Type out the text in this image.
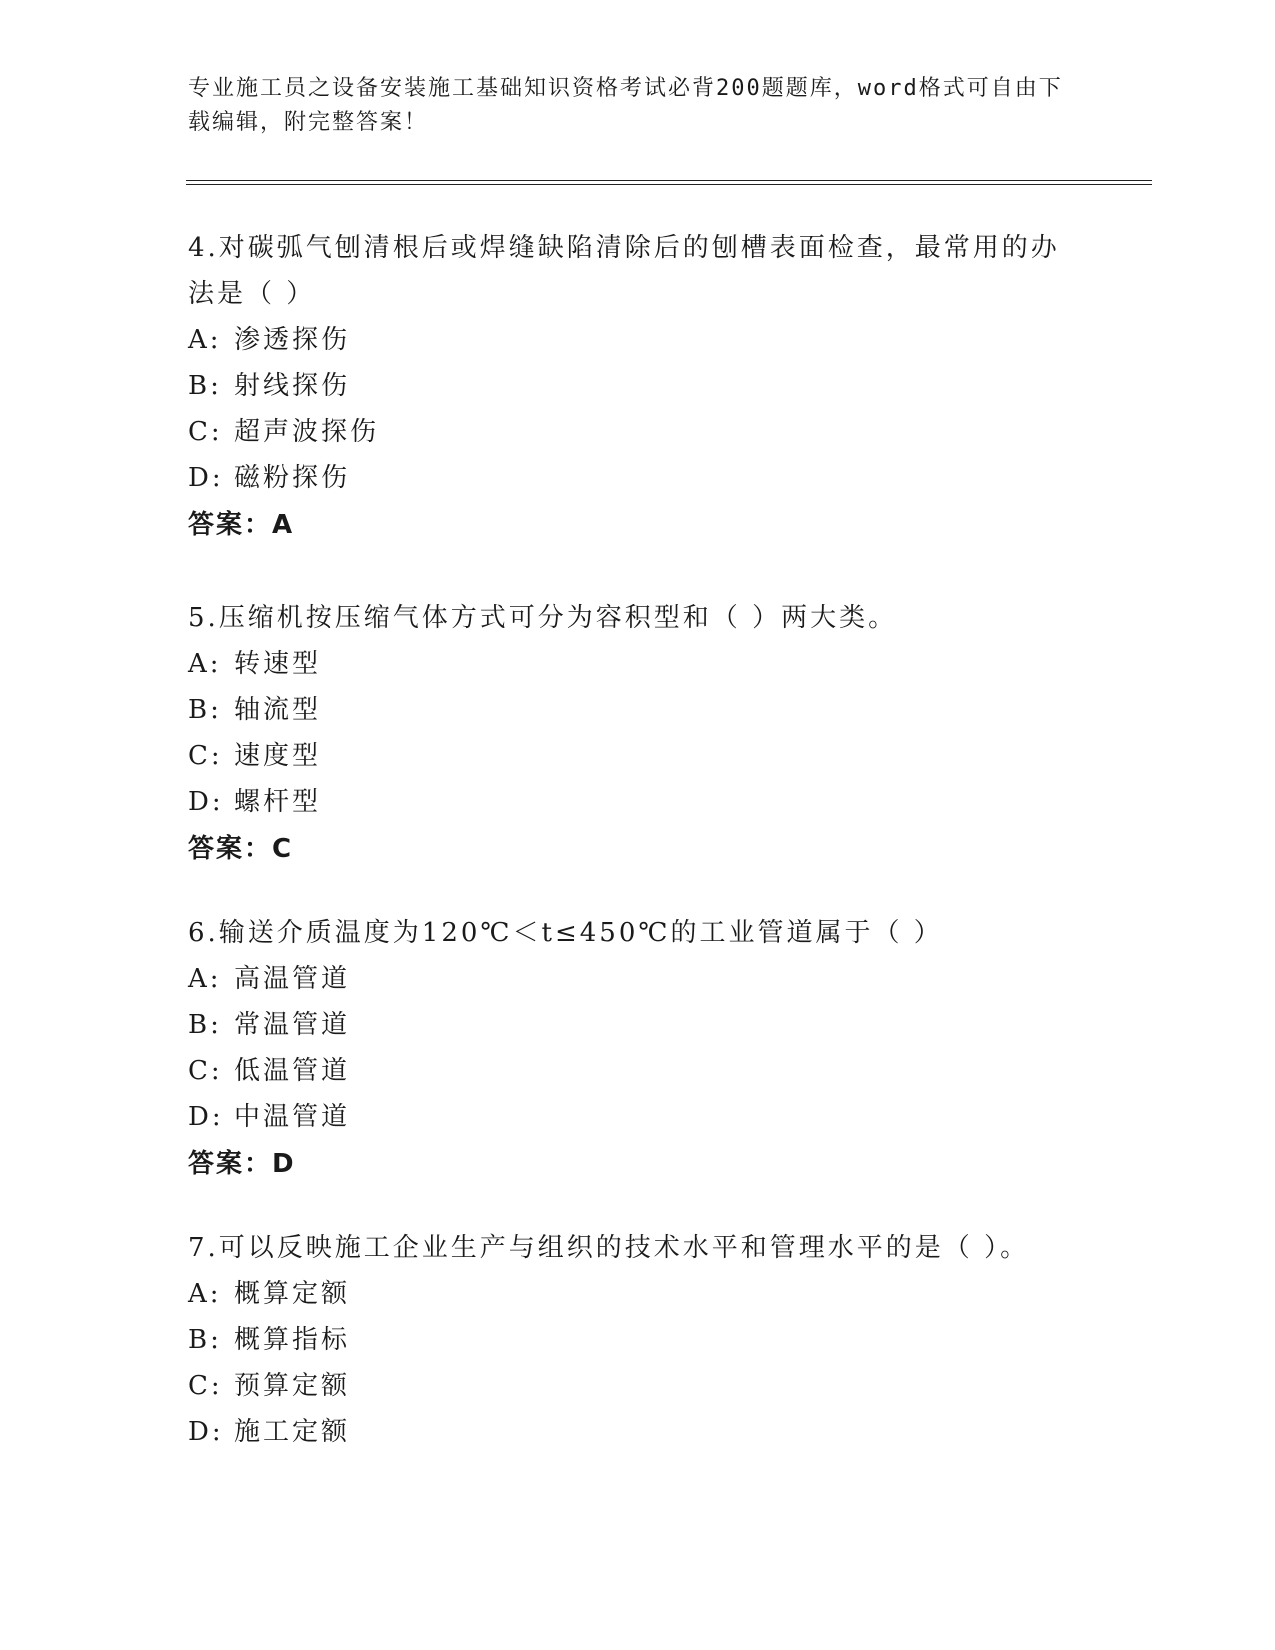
专业施工员之设备安装施工基础知识资格考试必背200题题库，word格式可自由下载编辑，附完整答案！
4.对碳弧气刨清根后或焊缝缺陷清除后的刨槽表面检查，最常用的办法是（ ）
A: 渗透探伤
B: 射线探伤
C: 超声波探伤
D: 磁粉探伤
答案：A
5.压缩机按压缩气体方式可分为容积型和（ ）两大类。
A: 转速型
B: 轴流型
C: 速度型
D: 螺杆型
答案：C
6.输送介质温度为120℃＜t≤450℃的工业管道属于（ ）
A: 高温管道
B: 常温管道
C: 低温管道
D: 中温管道
答案：D
7.可以反映施工企业生产与组织的技术水平和管理水平的是（ ）。
A: 概算定额
B: 概算指标
C: 预算定额
D: 施工定额
